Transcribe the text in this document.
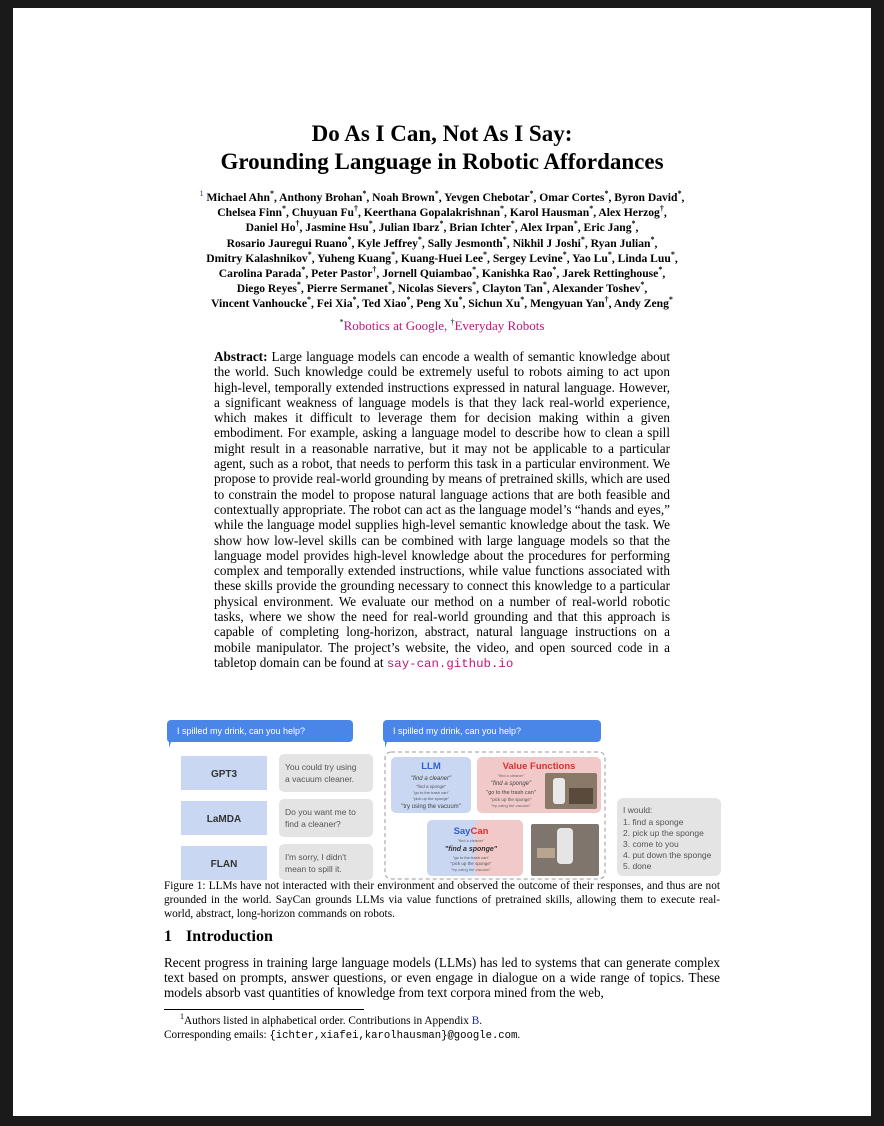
Do As I Can, Not As I Say:
Grounding Language in Robotic Affordances
$^1$ Michael Ahn*, Anthony Brohan*, Noah Brown*, Yevgen Chebotar*, Omar Cortes*, Byron David*,
Chelsea Finn*, Chuyuan Fu†, Keerthana Gopalakrishnan*, Karol Hausman*, Alex Herzog†,
Daniel Ho†, Jasmine Hsu*, Julian Ibarz*, Brian Ichter*, Alex Irpan*, Eric Jang*,
Rosario Jauregui Ruano*, Kyle Jeffrey*, Sally Jesmonth*, Nikhil J Joshi*, Ryan Julian*,
Dmitry Kalashnikov*, Yuheng Kuang*, Kuang-Huei Lee*, Sergey Levine*, Yao Lu*, Linda Luu*,
Carolina Parada*, Peter Pastor†, Jornell Quiambao*, Kanishka Rao*, Jarek Rettinghouse*,
Diego Reyes*, Pierre Sermanet*, Nicolas Sievers*, Clayton Tan*, Alexander Toshev*,
Vincent Vanhoucke*, Fei Xia*, Ted Xiao*, Peng Xu*, Sichun Xu*, Mengyuan Yan†, Andy Zeng*
*Robotics at Google, †Everyday Robots
Abstract: Large language models can encode a wealth of semantic knowledge about the world. Such knowledge could be extremely useful to robots aiming to act upon high-level, temporally extended instructions expressed in natural language. However, a significant weakness of language models is that they lack real-world experience, which makes it difficult to leverage them for decision making within a given embodiment. For example, asking a language model to describe how to clean a spill might result in a reasonable narrative, but it may not be applicable to a particular agent, such as a robot, that needs to perform this task in a particular environment. We propose to provide real-world grounding by means of pretrained skills, which are used to constrain the model to propose natural language actions that are both feasible and contextually appropriate. The robot can act as the language model’s “hands and eyes,” while the language model supplies high-level semantic knowledge about the task. We show how low-level skills can be combined with large language models so that the language model provides high-level knowledge about the procedures for performing complex and temporally extended instructions, while value functions associated with these skills provide the grounding necessary to connect this knowledge to a particular physical environment. We evaluate our method on a number of real-world robotic tasks, where we show the need for real-world grounding and that this approach is capable of completing long-horizon, abstract, natural language instructions on a mobile manipulator. The project’s website, the video, and open sourced code in a tabletop domain can be found at say-can.github.io
I spilled my drink, can you help?	I spilled my drink, can you help?
GPT3
You could try using
a vacuum cleaner.
LaMDA
Do you want me to
find a cleaner?
FLAN
I'm sorry, I didn't
mean to spill it.
LLM
"find a cleaner"
"find a sponge"
"go to the trash can"
"pick up the sponge"
"try using the vacuum"
Value Functions
"find a cleaner"
"find a sponge"
"go to the trash can"
"pick up the sponge"
"try using the vacuum"
SayCan
"find a cleaner"
"find a sponge"
"go to the trash can"
"pick up the sponge"
"try using the vacuum"
I would:
1. find a sponge
2. pick up the sponge
3. come to you
4. put down the sponge
5. done
Figure 1: LLMs have not interacted with their environment and observed the outcome of their responses, and thus are not grounded in the world. SayCan grounds LLMs via value functions of pretrained skills, allowing them to execute real-world, abstract, long-horizon commands on robots.
1 Introduction
Recent progress in training large language models (LLMs) has led to systems that can generate complex text based on prompts, answer questions, or even engage in dialogue on a wide range of topics. These models absorb vast quantities of knowledge from text corpora mined from the web,
$^1$Authors listed in alphabetical order. Contributions in Appendix B.
Corresponding emails: {ichter,xiafei,karolhausman}@google.com.
